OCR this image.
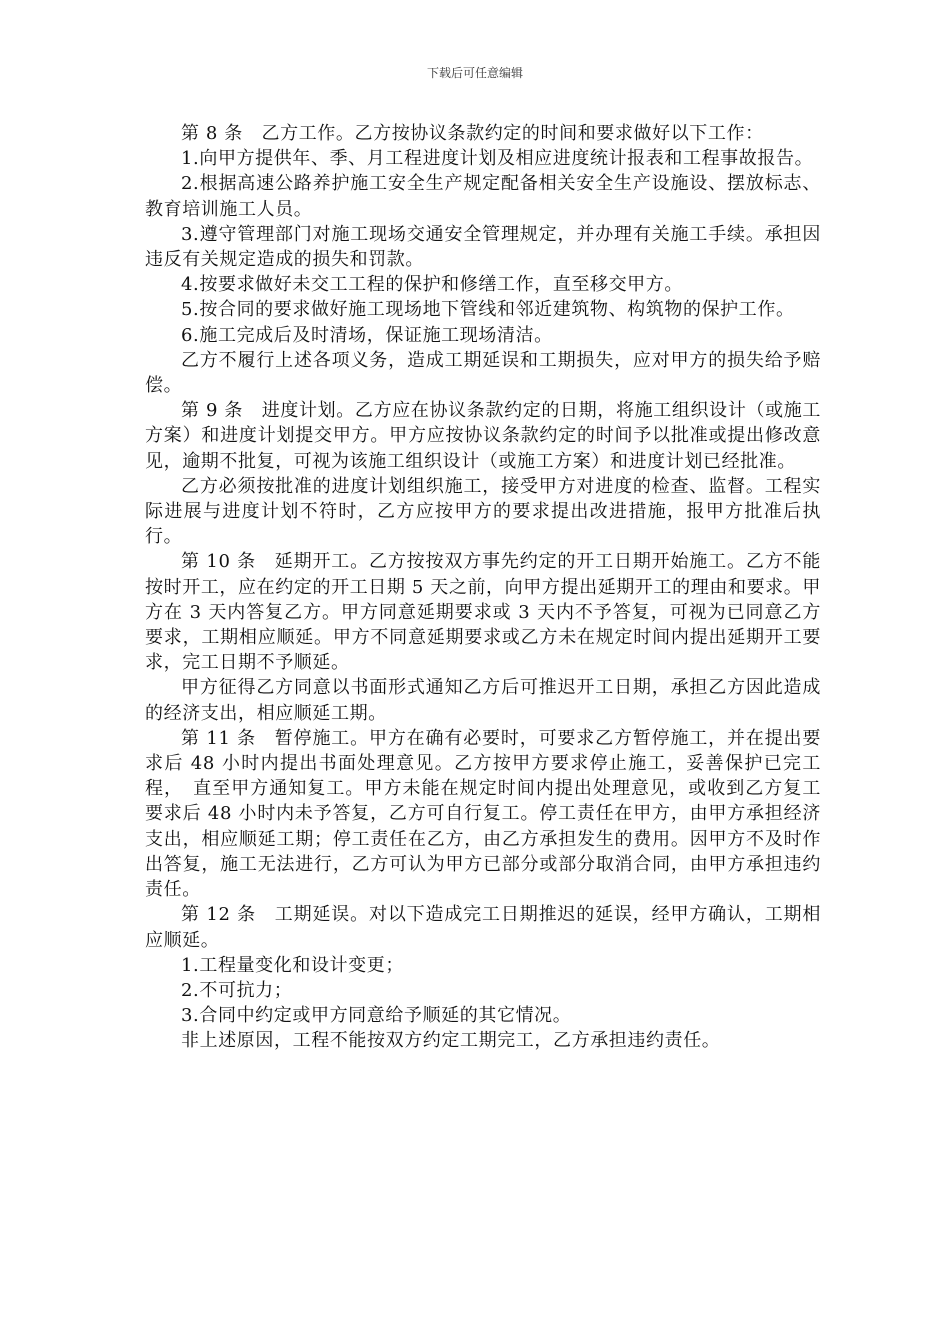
下载后可任意编辑

第 8 条　乙方工作。乙方按协议条款约定的时间和要求做好以下工作：

1.向甲方提供年、季、月工程进度计划及相应进度统计报表和工程事故报告。

2.根据高速公路养护施工安全生产规定配备相关安全生产设施设、摆放标志、教育培训施工人员。

3.遵守管理部门对施工现场交通安全管理规定，并办理有关施工手续。承担因违反有关规定造成的损失和罚款。

4.按要求做好未交工工程的保护和修缮工作，直至移交甲方。

5.按合同的要求做好施工现场地下管线和邻近建筑物、构筑物的保护工作。

6.施工完成后及时清场，保证施工现场清洁。

乙方不履行上述各项义务，造成工期延误和工期损失，应对甲方的损失给予赔偿。

第 9 条　进度计划。乙方应在协议条款约定的日期，将施工组织设计（或施工方案）和进度计划提交甲方。甲方应按协议条款约定的时间予以批准或提出修改意见，逾期不批复，可视为该施工组织设计（或施工方案）和进度计划已经批准。

乙方必须按批准的进度计划组织施工，接受甲方对进度的检查、监督。工程实际进展与进度计划不符时，乙方应按甲方的要求提出改进措施，报甲方批准后执行。

第 10 条　延期开工。乙方按按双方事先约定的开工日期开始施工。乙方不能按时开工，应在约定的开工日期 5 天之前，向甲方提出延期开工的理由和要求。甲方在 3 天内答复乙方。甲方同意延期要求或 3 天内不予答复，可视为已同意乙方要求，工期相应顺延。甲方不同意延期要求或乙方未在规定时间内提出延期开工要求，完工日期不予顺延。

甲方征得乙方同意以书面形式通知乙方后可推迟开工日期，承担乙方因此造成的经济支出，相应顺延工期。

第 11 条　暂停施工。甲方在确有必要时，可要求乙方暂停施工，并在提出要求后 48 小时内提出书面处理意见。乙方按甲方要求停止施工，妥善保护已完工程，　直至甲方通知复工。甲方未能在规定时间内提出处理意见，或收到乙方复工要求后 48 小时内未予答复，乙方可自行复工。停工责任在甲方，由甲方承担经济支出，相应顺延工期；停工责任在乙方，由乙方承担发生的费用。因甲方不及时作出答复，施工无法进行，乙方可认为甲方已部分或部分取消合同，由甲方承担违约责任。

第 12 条　工期延误。对以下造成完工日期推迟的延误，经甲方确认，工期相应顺延。

1.工程量变化和设计变更；

2.不可抗力；

3.合同中约定或甲方同意给予顺延的其它情况。

非上述原因，工程不能按双方约定工期完工，乙方承担违约责任。
